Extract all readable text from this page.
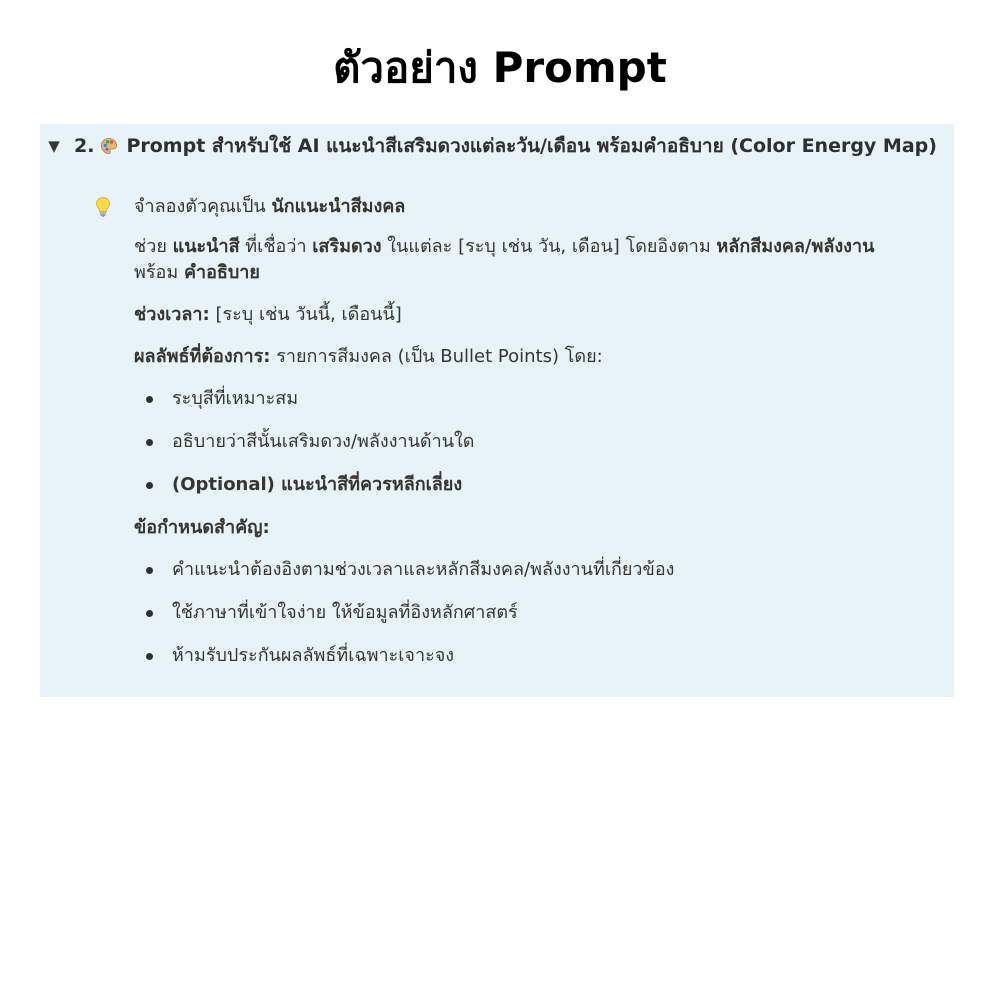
ตัวอย่าง Prompt
▼ 2. Prompt สำหรับใช้ AI แนะนำสีเสริมดวงแต่ละวัน/เดือน พร้อมคำอธิบาย (Color Energy Map)

จำลองตัวคุณเป็น นักแนะนำสีมงคล

ช่วย แนะนำสี ที่เชื่อว่า เสริมดวง ในแต่ละ [ระบุ เช่น วัน, เดือน] โดยอิงตาม หลักสีมงคล/พลังงาน พร้อม คำอธิบาย

ช่วงเวลา: [ระบุ เช่น วันนี้, เดือนนี้]

ผลลัพธ์ที่ต้องการ: รายการสีมงคล (เป็น Bullet Points) โดย:

ระบุสีที่เหมาะสม
อธิบายว่าสีนั้นเสริมดวง/พลังงานด้านใด
(Optional) แนะนำสีที่ควรหลีกเลี่ยง

ข้อกำหนดสำคัญ:

คำแนะนำต้องอิงตามช่วงเวลาและหลักสีมงคล/พลังงานที่เกี่ยวข้อง
ใช้ภาษาที่เข้าใจง่าย ให้ข้อมูลที่อิงหลักศาสตร์
ห้ามรับประกันผลลัพธ์ที่เฉพาะเจาะจง
